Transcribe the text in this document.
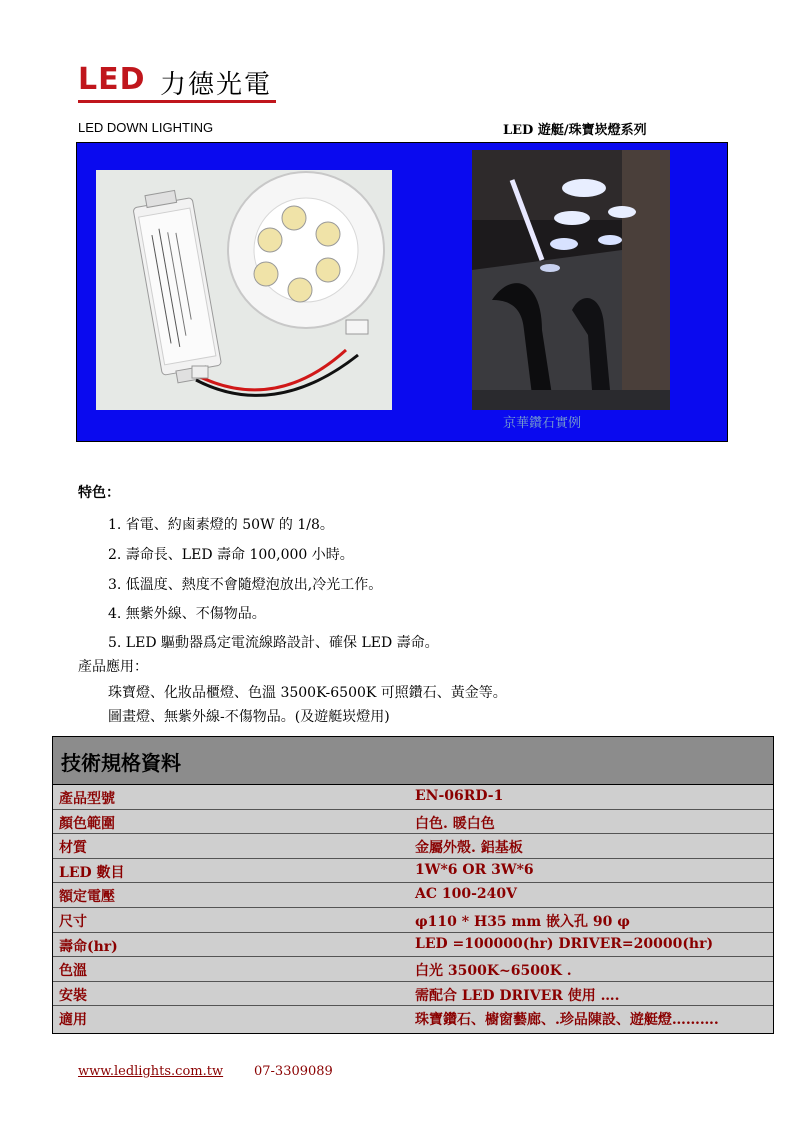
LED 力德光電
LED DOWN LIGHTING	LED 遊艇/珠寶崁燈系列
京華鑽石實例
特色：
1. 省電、約鹵素燈的 50W 的 1/8。
2. 壽命長、LED 壽命 100,000 小時。
3. 低溫度、熱度不會隨燈泡放出,冷光工作。
4. 無紫外線、不傷物品。
5. LED 驅動器爲定電流線路設計、確保 LED 壽命。
產品應用：
珠寶燈、化妝品櫃燈、色溫 3500K-6500K 可照鑽石、黃金等。
圖畫燈、無紫外線-不傷物品。(及遊艇崁燈用)
技術規格資料
產品型號	EN-06RD-1
顏色範圍	白色. 暖白色
材質	金屬外殼. 鋁基板
LED 數目	1W*6 OR 3W*6
額定電壓	AC 100-240V
尺寸	φ110 * H35 mm 嵌入孔 90 φ
壽命(hr)	LED =100000(hr) DRIVER=20000(hr)
色溫	白光 3500K~6500K .
安裝	需配合 LED DRIVER 使用 ….
適用	珠寶鑽石、櫥窗藝廊、.珍品陳設、遊艇燈……….
www.ledlights.com.tw 07-3309089
